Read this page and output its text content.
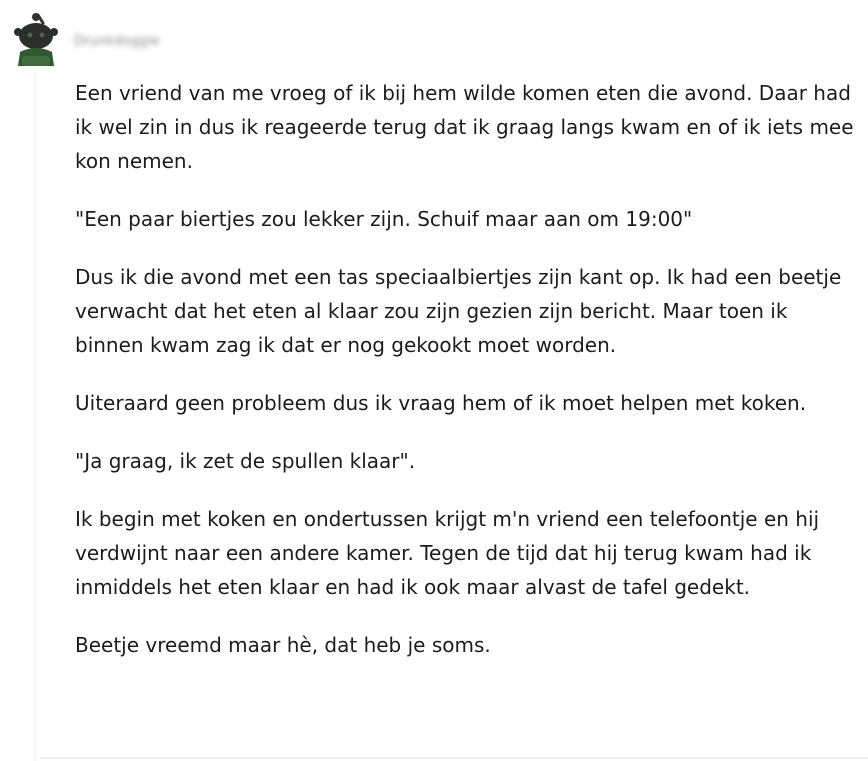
Drunkdoggie

Een vriend van me vroeg of ik bij hem wilde komen eten die avond. Daar had ik wel zin in dus ik reageerde terug dat ik graag langs kwam en of ik iets mee kon nemen.

"Een paar biertjes zou lekker zijn. Schuif maar aan om 19:00"

Dus ik die avond met een tas speciaalbiertjes zijn kant op. Ik had een beetje verwacht dat het eten al klaar zou zijn gezien zijn bericht. Maar toen ik binnen kwam zag ik dat er nog gekookt moet worden.

Uiteraard geen probleem dus ik vraag hem of ik moet helpen met koken.

"Ja graag, ik zet de spullen klaar".

Ik begin met koken en ondertussen krijgt m'n vriend een telefoontje en hij verdwijnt naar een andere kamer. Tegen de tijd dat hij terug kwam had ik inmiddels het eten klaar en had ik ook maar alvast de tafel gedekt.

Beetje vreemd maar hè, dat heb je soms.
